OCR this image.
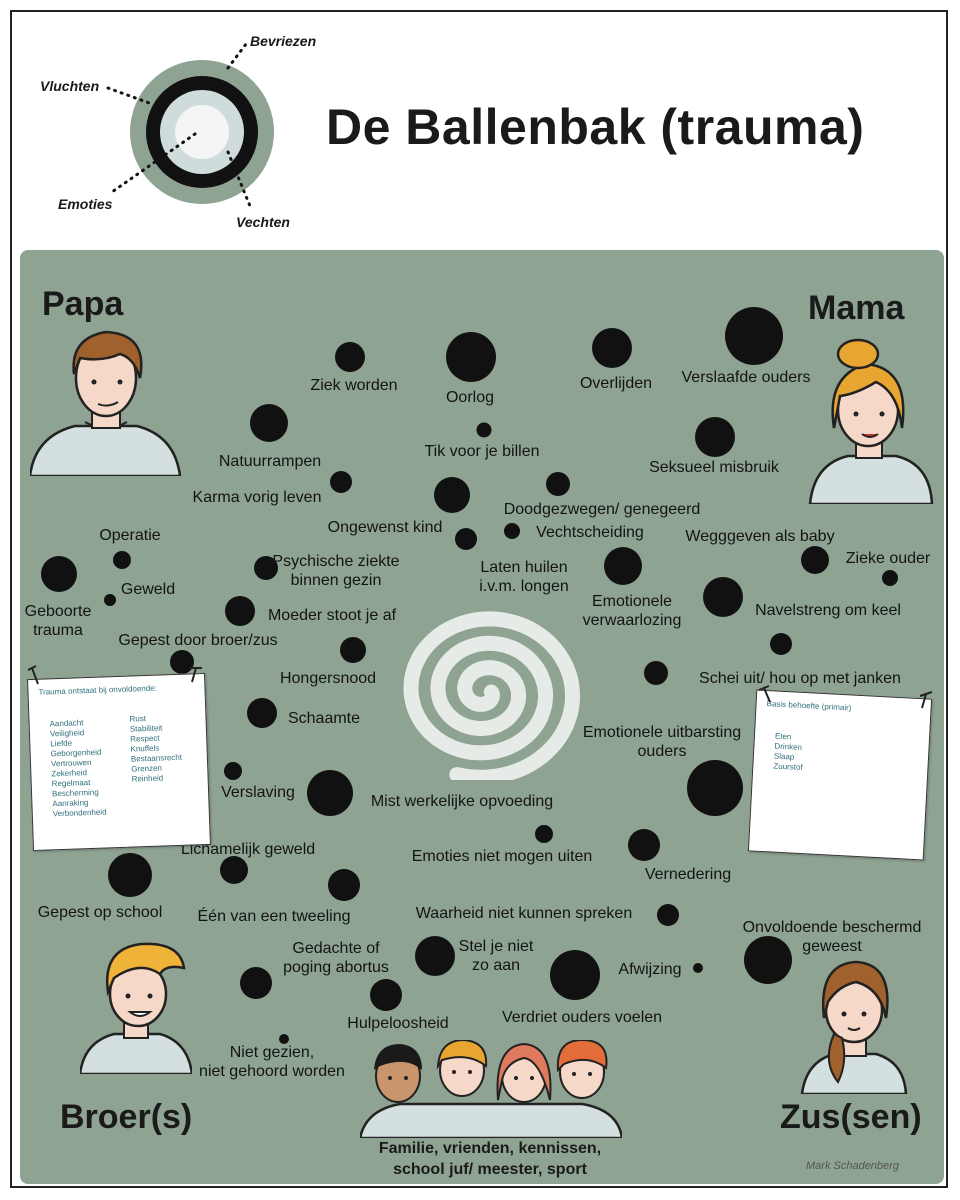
Bevriezen
Vluchten
Emoties
Vechten
De Ballenbak (trauma)
Papa	Mama
Broer(s)	Zus(sen)
Ziek worden
Oorlog
Overlijden Verslaafde ouders
Natuurrampen
Tik voor je billen
Seksueel misbruik
Karma vorig leven
Doodgezwegen/ genegeerd
Ongewenst kind	Vechtscheiding
Operatie	Wegggeven als baby
Psychische ziekte
binnen gezin
Laten huilen
i.v.m. longen
Zieke ouder
Geweld
Geboorte
trauma
Emotionele
verwaarlozing
Navelstreng om keel
Moeder stoot je af
Gepest door broer/zus
Hongersnood	Schei uit/ hou op met janken
Schaamte
Emotionele uitbarsting
ouders
Verslaving
Mist werkelijke opvoeding
Lichamelijk geweld	Emoties niet mogen uiten
Vernedering
Gepest op school Één van een tweeling	Waarheid niet kunnen spreken
Onvoldoende beschermd
geweest
Gedachte of
poging abortus
Stel je niet
zo aan	Afwijzing
Hulpeloosheid	Verdriet ouders voelen
Niet gezien,
niet gehoord worden
Trauma ontstaat bij onvoldoende:
Aandacht
Veiligheid
Liefde
Geborgenheid
Vertrouwen
Zekerheid
Regelmaat
Bescherming
Aanraking
Verbondenheid
Rust
Stabiliteit
Respect
Knuffels
Bestaansrecht
Grenzen
Reinheid
Basis behoefte (primair)
Eten
Drinken
Slaap
Zuurstof
Familie, vrienden, kennissen,
school juf/ meester, sport	Mark Schadenberg
